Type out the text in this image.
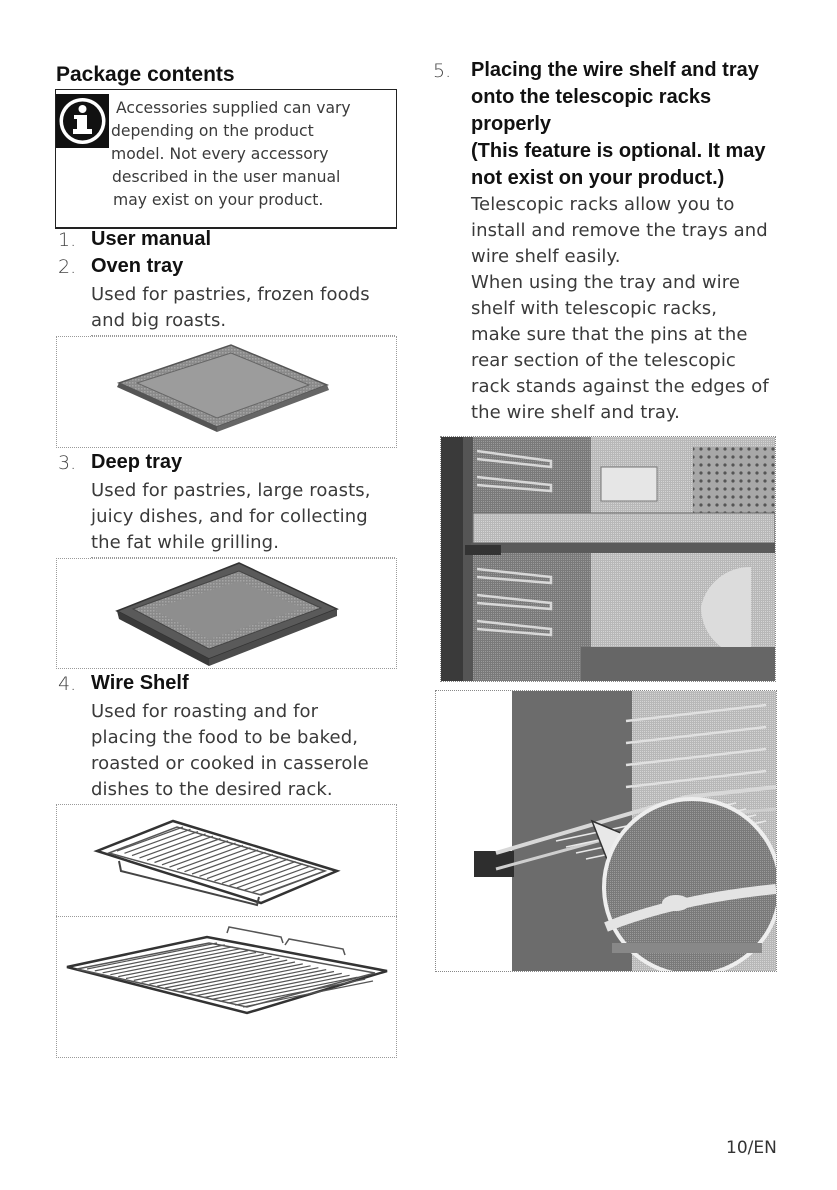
Package contents
Accessories supplied can vary
depending on the product
model. Not every accessory
described in the user manual
may exist on your product.
1. User manual
2. Oven tray
Used for pastries, frozen foods
and big roasts.
3. Deep tray
Used for pastries, large roasts,
juicy dishes, and for collecting
the fat while grilling.
4. Wire Shelf
Used for roasting and for
placing the food to be baked,
roasted or cooked in casserole
dishes to the desired rack.
5. Placing the wire shelf and tray
onto the telescopic racks
properly
(This feature is optional. It may
not exist on your product.)
Telescopic racks allow you to
install and remove the trays and
wire shelf easily.
When using the tray and wire
shelf with telescopic racks,
make sure that the pins at the
rear section of the telescopic
rack stands against the edges of
the wire shelf and tray.
10/EN
